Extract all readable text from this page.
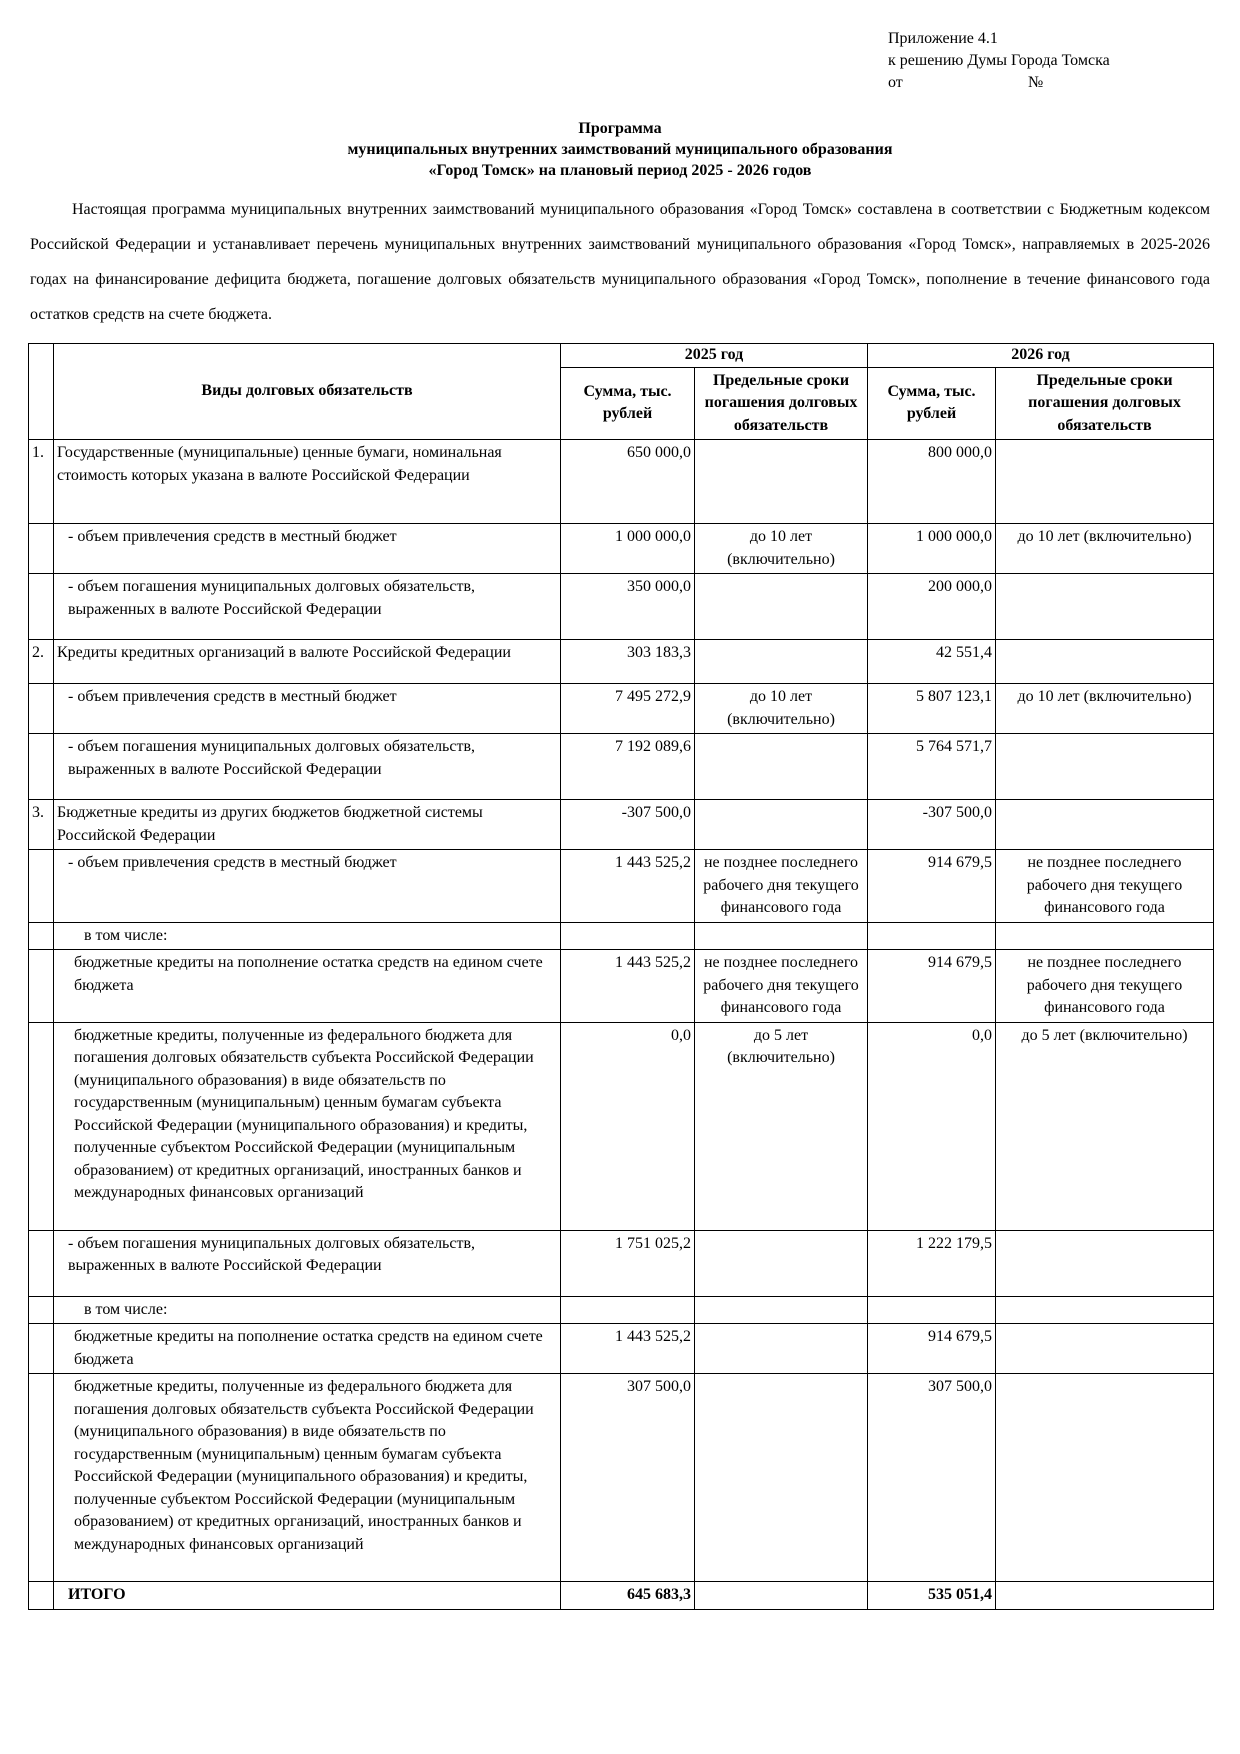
Приложение 4.1
к решению Думы Города Томска
от	№
Программа
муниципальных внутренних заимствований муниципального образования
«Город Томск» на плановый период 2025 - 2026 годов
Настоящая программа муниципальных внутренних заимствований муниципального образования «Город Томск» составлена в соответствии с Бюджетным кодексом Российской Федерации и устанавливает перечень муниципальных внутренних заимствований муниципального образования «Город Томск», направляемых в 2025-2026 годах на финансирование дефицита бюджета, погашение долговых обязательств муниципального образования «Город Томск», пополнение в течение финансового года остатков средств на счете бюджета.
	Виды долговых обязательств	2025 год		2026 год	
		Сумма, тыс. рублей	Предельные сроки погашения долговых обязательств	Сумма, тыс. рублей	Предельные сроки погашения долговых обязательств
1.	Государственные (муниципальные) ценные бумаги, номинальная стоимость которых указана в валюте Российской Федерации	650 000,0		800 000,0	
	- объем привлечения средств в местный бюджет	1 000 000,0	до 10 лет (включительно)	1 000 000,0	до 10 лет (включительно)
	- объем погашения муниципальных долговых обязательств, выраженных в валюте Российской Федерации	350 000,0		200 000,0	
2.	Кредиты кредитных организаций в валюте Российской Федерации	303 183,3		42 551,4	
	- объем привлечения средств в местный бюджет	7 495 272,9	до 10 лет (включительно)	5 807 123,1	до 10 лет (включительно)
	- объем погашения муниципальных долговых обязательств, выраженных в валюте Российской Федерации	7 192 089,6		5 764 571,7	
3.	Бюджетные кредиты из других бюджетов бюджетной системы Российской Федерации	-307 500,0		-307 500,0	
	- объем привлечения средств в местный бюджет	1 443 525,2	не позднее последнего рабочего дня текущего финансового года	914 679,5	не позднее последнего рабочего дня текущего финансового года
	в том числе:				
	бюджетные кредиты на пополнение остатка средств на едином счете бюджета	1 443 525,2	не позднее последнего рабочего дня текущего финансового года	914 679,5	не позднее последнего рабочего дня текущего финансового года
	бюджетные кредиты, полученные из федерального бюджета для погашения долговых обязательств субъекта Российской Федерации (муниципального образования) в виде обязательств по государственным (муниципальным) ценным бумагам субъекта Российской Федерации (муниципального образования) и кредиты, полученные субъектом Российской Федерации (муниципальным образованием) от кредитных организаций, иностранных банков и международных финансовых организаций	0,0	до 5 лет (включительно)	0,0	до 5 лет (включительно)
	- объем погашения муниципальных долговых обязательств, выраженных в валюте Российской Федерации	1 751 025,2		1 222 179,5	
	в том числе:				
	бюджетные кредиты на пополнение остатка средств на едином счете бюджета	1 443 525,2		914 679,5	
	бюджетные кредиты, полученные из федерального бюджета для погашения долговых обязательств субъекта Российской Федерации (муниципального образования) в виде обязательств по государственным (муниципальным) ценным бумагам субъекта Российской Федерации (муниципального образования) и кредиты, полученные субъектом Российской Федерации (муниципальным образованием) от кредитных организаций, иностранных банков и международных финансовых организаций	307 500,0		307 500,0	
	ИТОГО	645 683,3		535 051,4	
